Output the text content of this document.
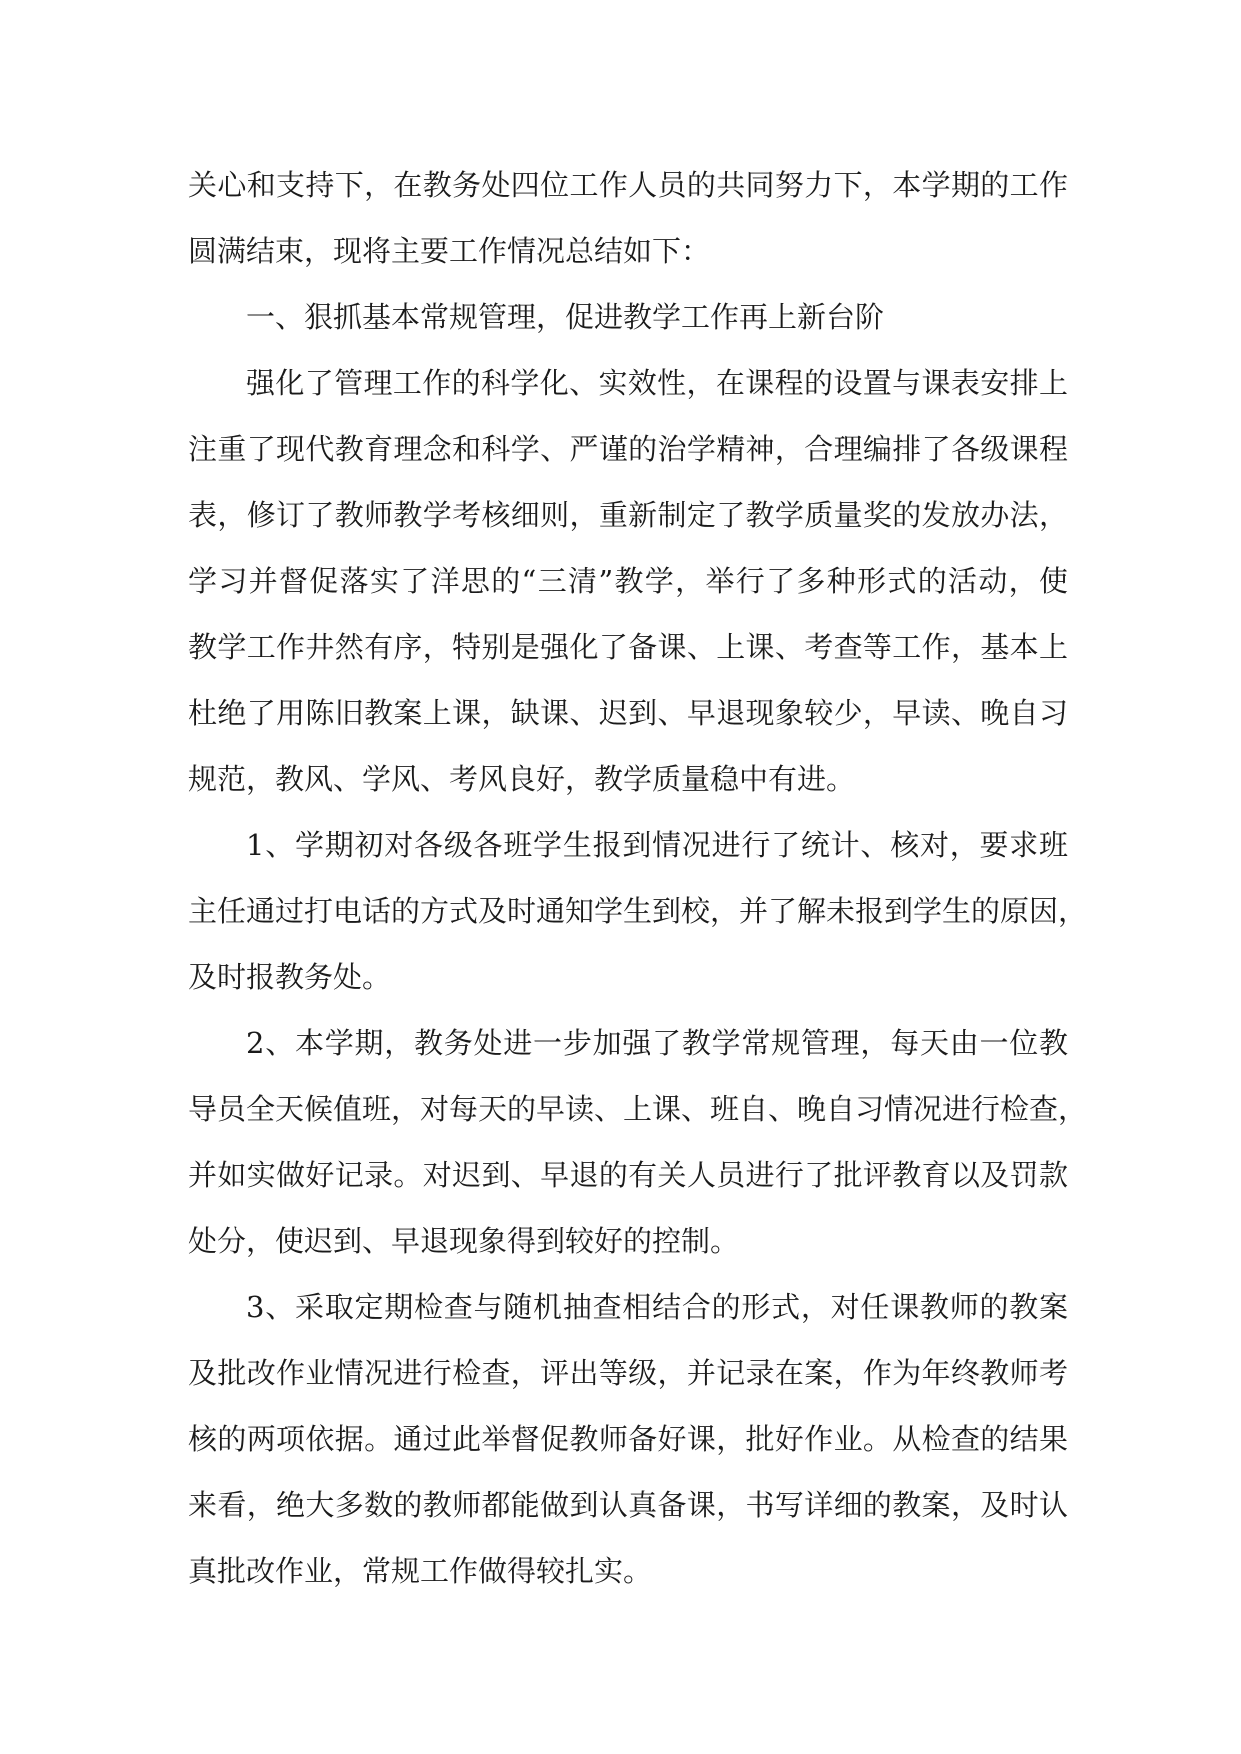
关心和支持下，在教务处四位工作人员的共同努力下，本学期的工作
圆满结束，现将主要工作情况总结如下：
一、狠抓基本常规管理，促进教学工作再上新台阶
强化了管理工作的科学化、实效性，在课程的设置与课表安排上
注重了现代教育理念和科学、严谨的治学精神，合理编排了各级课程
表，修订了教师教学考核细则，重新制定了教学质量奖的发放办法，
学习并督促落实了洋思的“三清”教学，举行了多种形式的活动，使
教学工作井然有序，特别是强化了备课、上课、考查等工作，基本上
杜绝了用陈旧教案上课，缺课、迟到、早退现象较少，早读、晚自习
规范，教风、学风、考风良好，教学质量稳中有进。
1、学期初对各级各班学生报到情况进行了统计、核对，要求班
主任通过打电话的方式及时通知学生到校，并了解未报到学生的原因，
及时报教务处。
2、本学期，教务处进一步加强了教学常规管理，每天由一位教
导员全天候值班，对每天的早读、上课、班自、晚自习情况进行检查，
并如实做好记录。对迟到、早退的有关人员进行了批评教育以及罚款
处分，使迟到、早退现象得到较好的控制。
3、采取定期检查与随机抽查相结合的形式，对任课教师的教案
及批改作业情况进行检查，评出等级，并记录在案，作为年终教师考
核的两项依据。通过此举督促教师备好课，批好作业。从检查的结果
来看，绝大多数的教师都能做到认真备课，书写详细的教案，及时认
真批改作业，常规工作做得较扎实。
